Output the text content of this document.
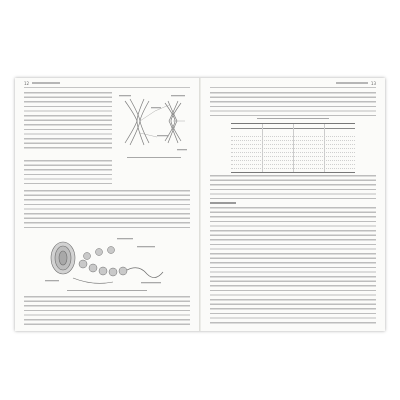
12	13
